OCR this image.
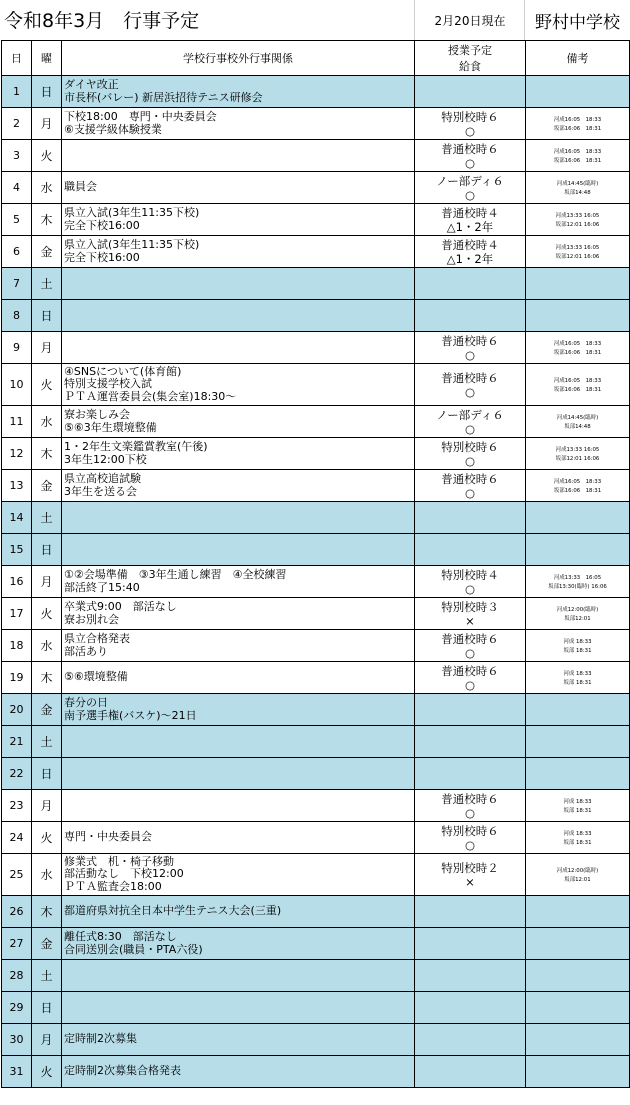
令和8年3月　行事予定	2月20日現在	野村中学校
日	曜	学校行事校外行事関係	授業予定
給食	備考
1	日	ダイヤ改正
市長杯(バレー) 新居浜招待テニス研修会		

2	月	下校18:00　専門・中央委員会
⑥支援学級体験授業	特別校時６
○	河成16:05　18:33
坂部16:06　18:31

3	火		普通校時６
○	河成16:05　18:33
坂部16:06　18:31

4	水	職員会	ノー部ディ６
○	河成14:45(臨時)
坂部14:48

5	木	県立入試(3年生11:35下校)
完全下校16:00	普通校時４
△1・2年	河成13:33 16:05
坂部12:01 16:06

6	金	県立入試(3年生11:35下校)
完全下校16:00	普通校時４
△1・2年	河成13:33 16:05
坂部12:01 16:06

7	土			
8	日			
9	月		普通校時６
○	河成16:05　18:33
坂部16:06　18:31

10	火	④SNSについて(体育館)
特別支援学校入試
ＰＴＡ運営委員会(集会室)18:30～	普通校時６
○	河成16:05　18:33
坂部16:06　18:31

11	水	寮お楽しみ会
⑤⑥3年生環境整備	ノー部ディ６
○	河成14:45(臨時)
坂部14:48

12	木	1・2年生文楽鑑賞教室(午後)
3年生12:00下校	特別校時６
○	河成13:33 16:05
坂部12:01 16:06

13	金	県立高校追試験
3年生を送る会	普通校時６
○	河成16:05　18:33
坂部16:06　18:31

14	土			
15	日			
16	月	①②会場準備　③3年生通し練習　④全校練習
部活終了15:40	特別校時４
○	河成13:33　16:05
坂部13:30(臨時) 16:06

17	火	卒業式9:00　部活なし
寮お別れ会	特別校時３
×	河成12:00(臨時)
坂部12:01

18	水	県立合格発表
部活あり	普通校時６
○	河成 18:33
坂部 18:31

19	木	⑤⑥環境整備	普通校時６
○	河成 18:33
坂部 18:31

20	金	春分の日
南予選手権(バスケ)～21日		

21	土			
22	日			
23	月		普通校時６
○	河成 18:33
坂部 18:31

24	火	専門・中央委員会	特別校時６
○	河成 18:33
坂部 18:31

25	水	修業式　机・椅子移動
部活動なし　下校12:00
ＰＴＡ監査会18:00	特別校時２
×	河成12:00(臨時)
坂部12:01

26	木	都道府県対抗全日本中学生テニス大会(三重)		

27	金	離任式8:30　部活なし
合同送別会(職員・PTA六役)		

28	土			
29	日			
30	月	定時制2次募集		

31	火	定時制2次募集合格発表		
